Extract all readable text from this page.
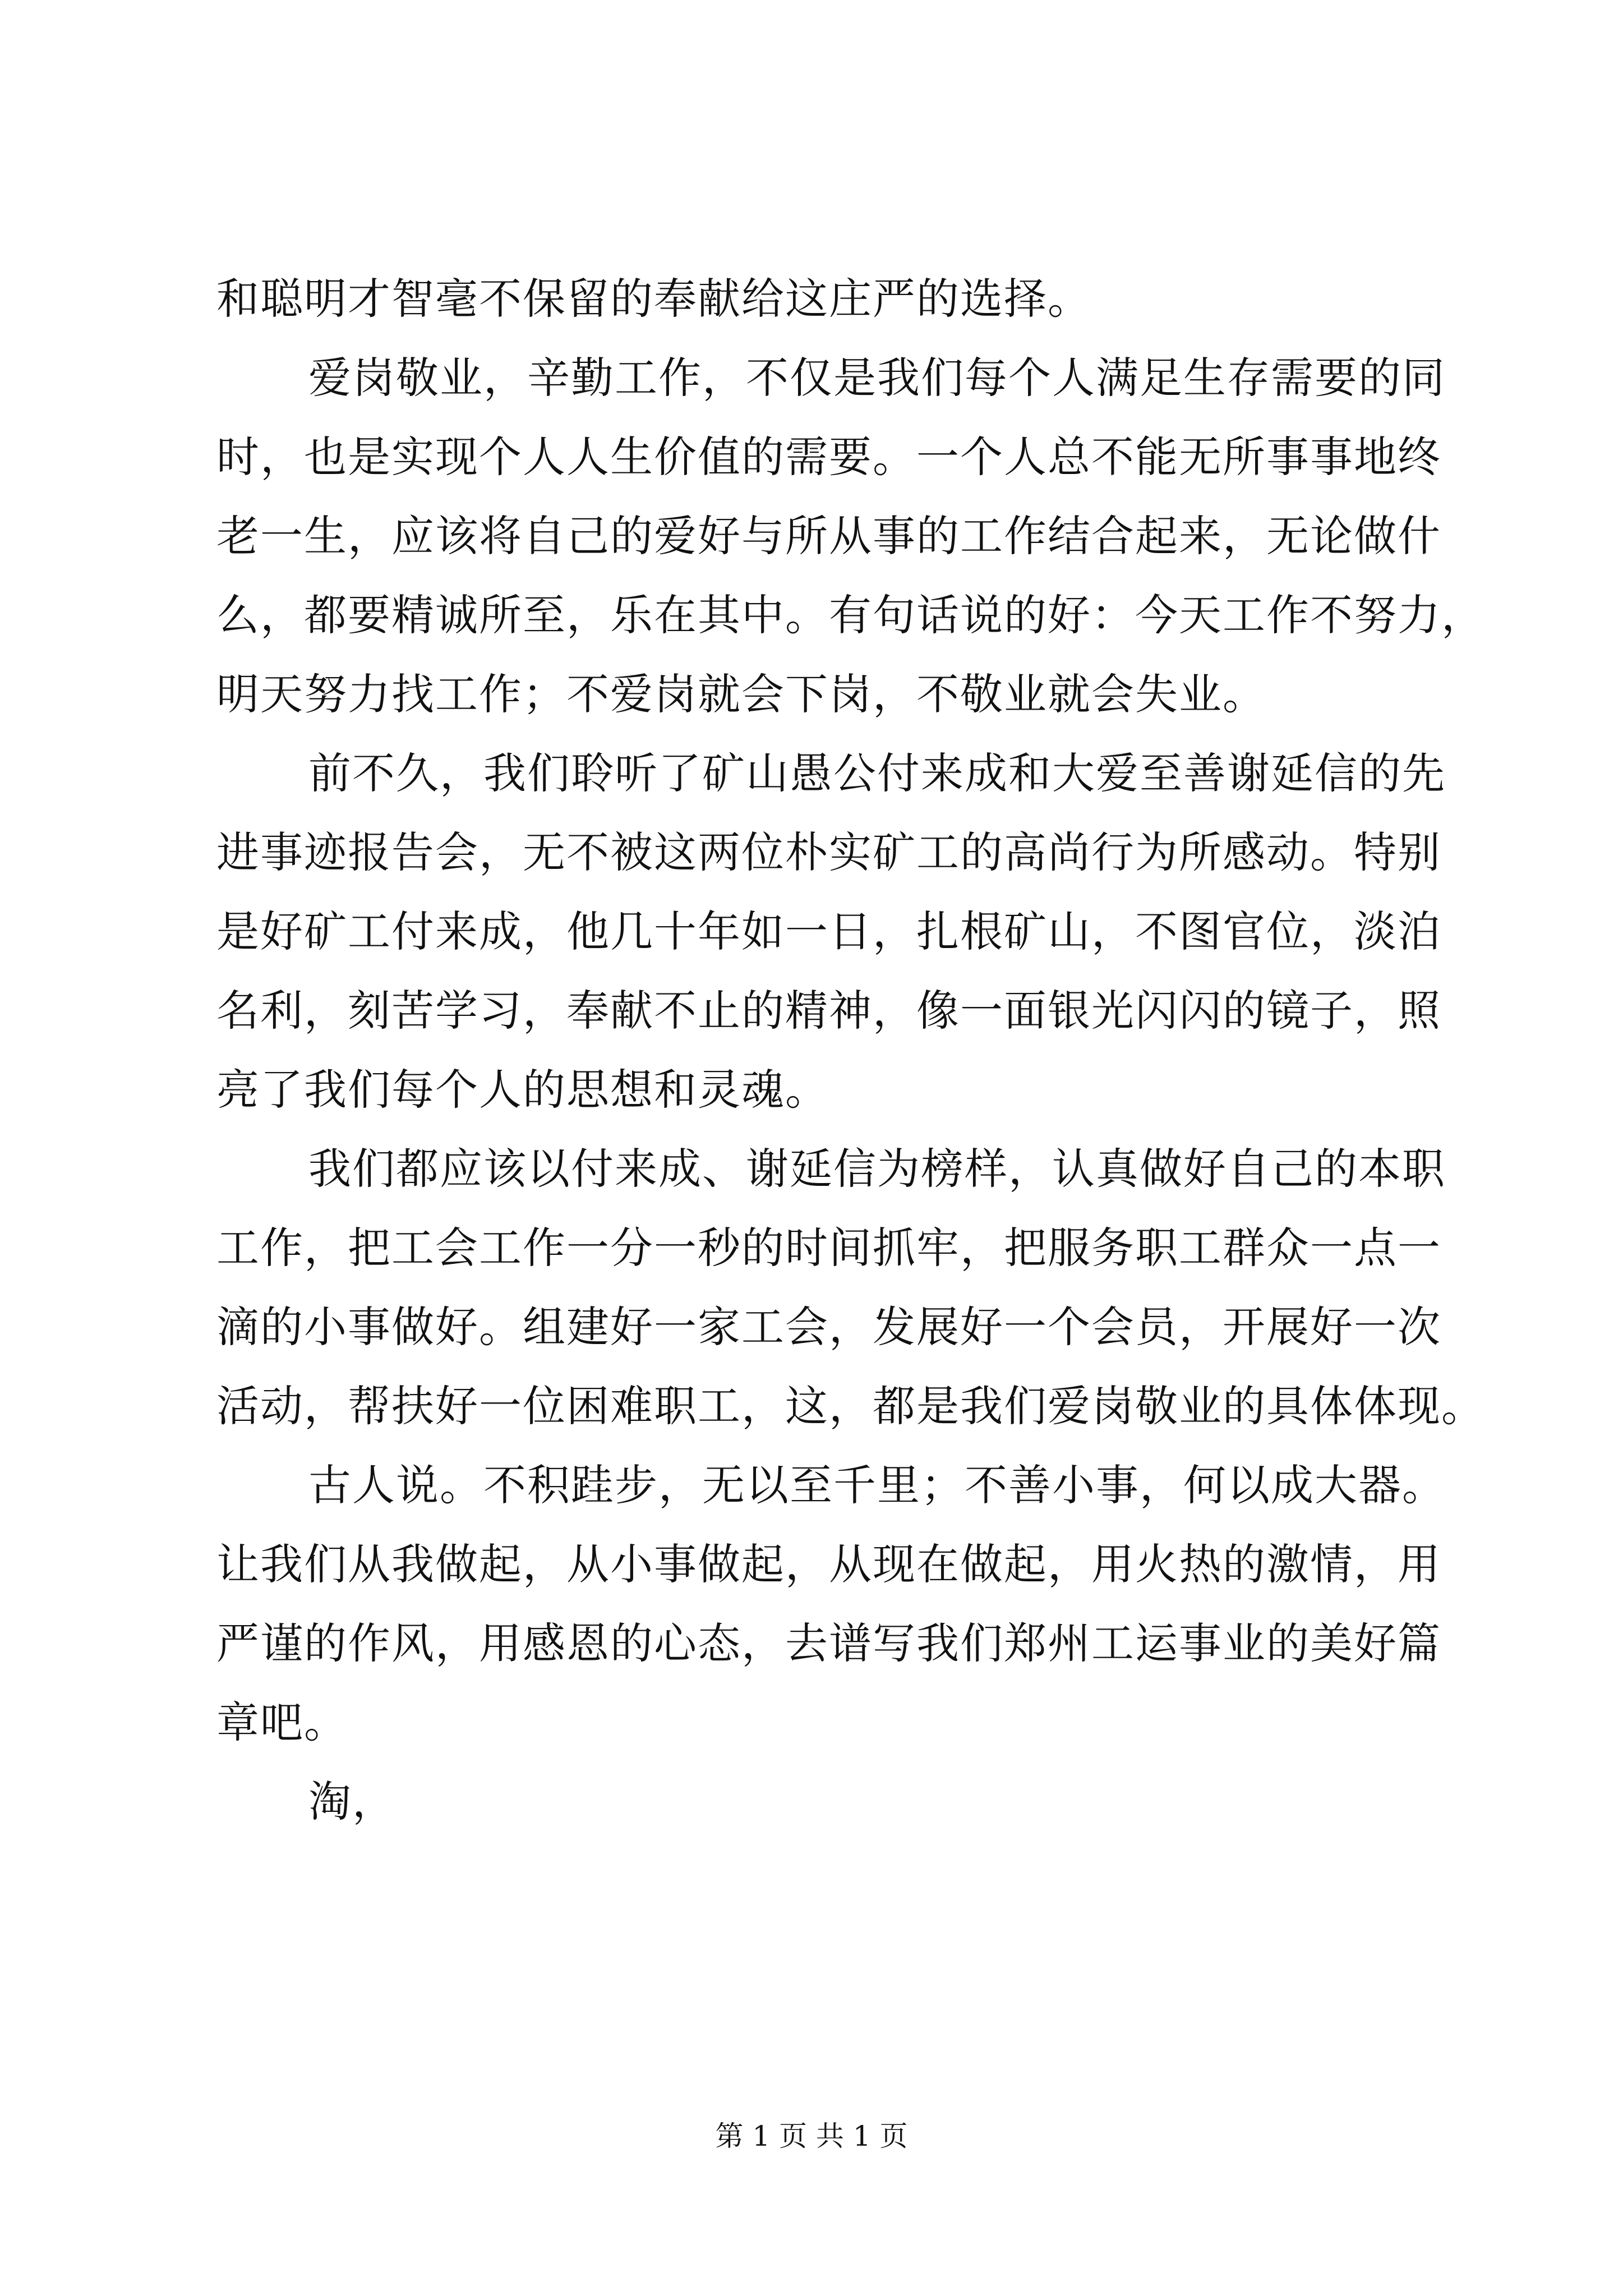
和聪明才智毫不保留的奉献给这庄严的选择。
爱岗敬业，辛勤工作，不仅是我们每个人满足生存需要的同
时，也是实现个人人生价值的需要。一个人总不能无所事事地终
老一生，应该将自己的爱好与所从事的工作结合起来，无论做什
么，都要精诚所至，乐在其中。有句话说的好：今天工作不努力，
明天努力找工作；不爱岗就会下岗，不敬业就会失业。
前不久，我们聆听了矿山愚公付来成和大爱至善谢延信的先
进事迹报告会，无不被这两位朴实矿工的高尚行为所感动。特别
是好矿工付来成，他几十年如一日，扎根矿山，不图官位，淡泊
名利，刻苦学习，奉献不止的精神，像一面银光闪闪的镜子，照
亮了我们每个人的思想和灵魂。
我们都应该以付来成、谢延信为榜样，认真做好自己的本职
工作，把工会工作一分一秒的时间抓牢，把服务职工群众一点一
滴的小事做好。组建好一家工会，发展好一个会员，开展好一次
活动，帮扶好一位困难职工，这，都是我们爱岗敬业的具体体现。
古人说。不积跬步，无以至千里；不善小事，何以成大器。
让我们从我做起，从小事做起，从现在做起，用火热的激情，用
严谨的作风，用感恩的心态，去谱写我们郑州工运事业的美好篇
章吧。
淘，
第 1 页 共 1 页
